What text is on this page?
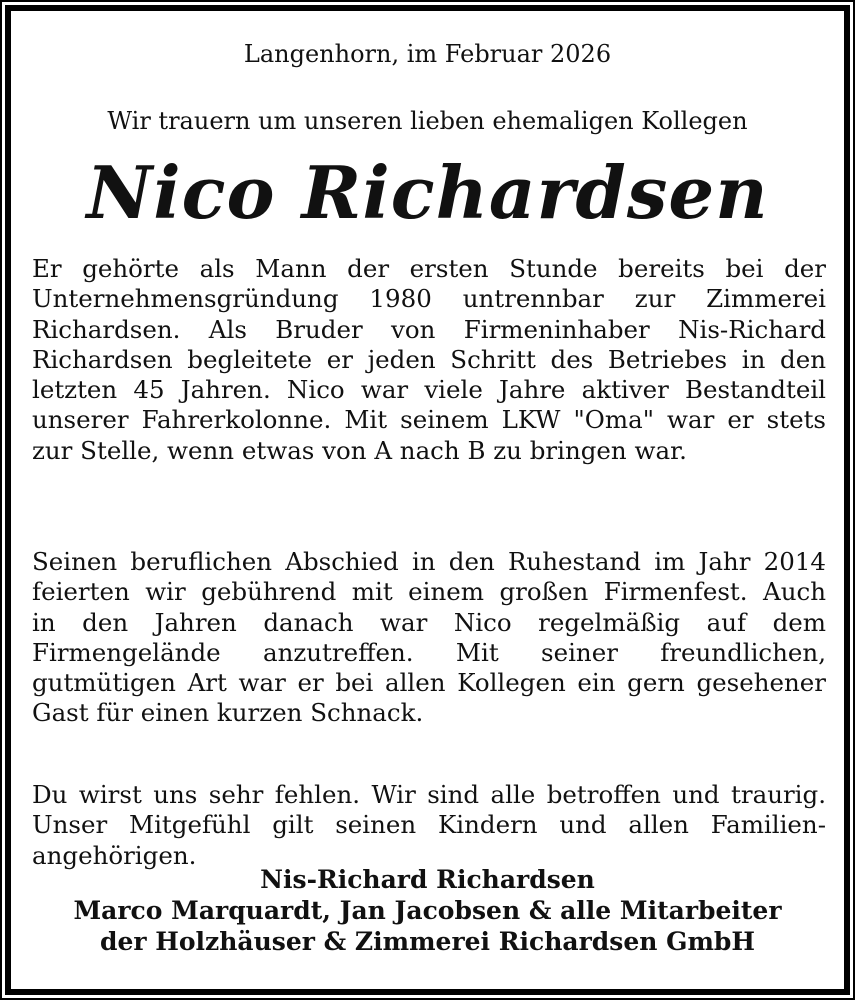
Langenhorn, im Februar 2026
Wir trauern um unseren lieben ehemaligen Kollegen
Nico Richardsen
Er gehörte als Mann der ersten Stunde bereits bei der
Unternehmensgründung 1980 untrennbar zur Zimmerei
Richardsen. Als Bruder von Firmeninhaber Nis-Richard
Richardsen begleitete er jeden Schritt des Betriebes in den
letzten 45 Jahren. Nico war viele Jahre aktiver Bestandteil
unserer Fahrerkolonne. Mit seinem LKW "Oma" war er stets
zur Stelle, wenn etwas von A nach B zu bringen war.
Seinen beruflichen Abschied in den Ruhestand im Jahr 2014
feierten wir gebührend mit einem großen Firmenfest. Auch
in den Jahren danach war Nico regelmäßig auf dem
Firmengelände anzutreffen. Mit seiner freundlichen,
gutmütigen Art war er bei allen Kollegen ein gern gesehener
Gast für einen kurzen Schnack.
Du wirst uns sehr fehlen. Wir sind alle betroffen und traurig.
Unser Mitgefühl gilt seinen Kindern und allen Familien-
angehörigen.
Nis-Richard Richardsen
Marco Marquardt, Jan Jacobsen & alle Mitarbeiter
der Holzhäuser & Zimmerei Richardsen GmbH
